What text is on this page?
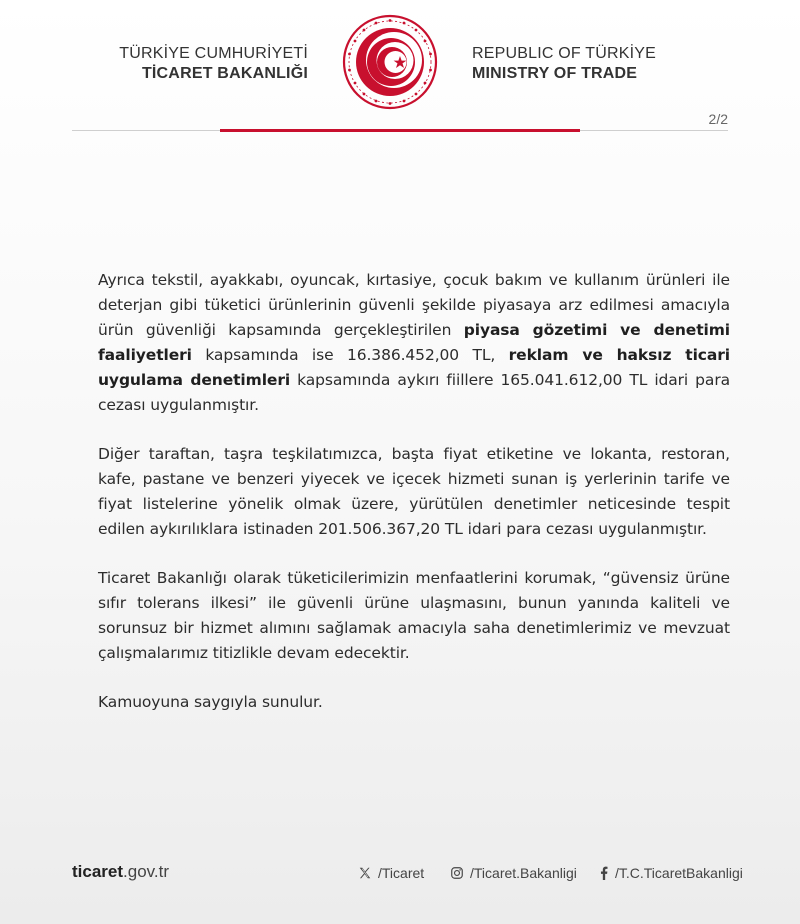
TÜRKİYE CUMHURİYETİ
TİCARET BAKANLIĞI
REPUBLIC OF TÜRKİYE
MINISTRY OF TRADE
2/2

Ayrıca tekstil, ayakkabı, oyuncak, kırtasiye, çocuk bakım ve kullanım ürünleri ile deterjan gibi tüketici ürünlerinin güvenli şekilde piyasaya arz edilmesi amacıyla ürün güvenliği kapsamında gerçekleştirilen piyasa gözetimi ve denetimi faaliyetleri kapsamında ise 16.386.452,00 TL, reklam ve haksız ticari uygulama denetimleri kapsamında aykırı fiillere 165.041.612,00 TL idari para cezası uygulanmıştır.

Diğer taraftan, taşra teşkilatımızca, başta fiyat etiketine ve lokanta, restoran, kafe, pastane ve benzeri yiyecek ve içecek hizmeti sunan iş yerlerinin tarife ve fiyat listelerine yönelik olmak üzere, yürütülen denetimler neticesinde tespit edilen aykırılıklara istinaden 201.506.367,20 TL idari para cezası uygulanmıştır.

Ticaret Bakanlığı olarak tüketicilerimizin menfaatlerini korumak, “güvensiz ürüne sıfır tolerans ilkesi” ile güvenli ürüne ulaşmasını, bunun yanında kaliteli ve sorunsuz bir hizmet alımını sağlamak amacıyla saha denetimlerimiz ve mevzuat çalışmalarımız titizlikle devam edecektir.

Kamuoyuna saygıyla sunulur.

ticaret.gov.tr	/Ticaret	/Ticaret.Bakanligi	/T.C.TicaretBakanligi
